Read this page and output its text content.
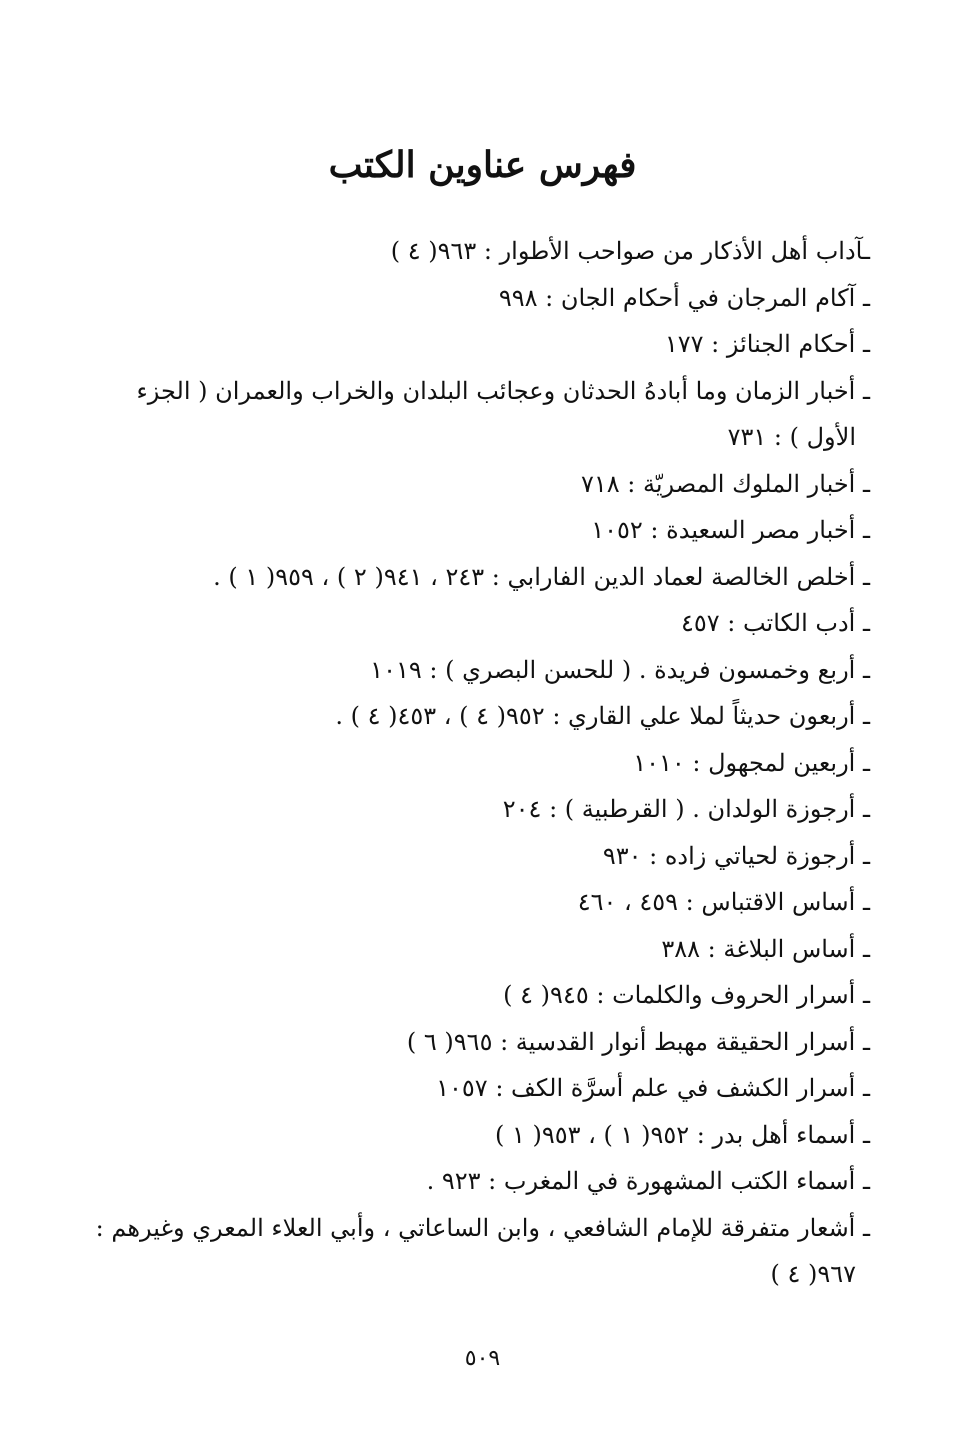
فهرس عناوين الكتب
ـآداب أهل الأذكار من صواحب الأطوار : ٩٦٣( ٤ )
ـ آكام المرجان في أحكام الجان : ٩٩٨
ـ أحكام الجنائز : ١٧٧
ـ أخبار الزمان وما أبادهُ الحدثان وعجائب البلدان والخراب والعمران ( الجزء الأول ) : ٧٣١
ـ أخبار الملوك المصريّة : ٧١٨
ـ أخبار مصر السعيدة : ١٠٥٢
ـ أخلص الخالصة لعماد الدين الفارابي : ٢٤٣ ، ٩٤١( ٢ ) ، ٩٥٩( ١ ) .
ـ أدب الكاتب : ٤٥٧
ـ أربع وخمسون فريدة . ( للحسن البصري ) : ١٠١٩
ـ أربعون حديثاً لملا علي القاري : ٩٥٢( ٤ ) ، ٤٥٣( ٤ ) .
ـ أربعين لمجهول : ١٠١٠
ـ أرجوزة الولدان . ( القرطبية ) : ٢٠٤
ـ أرجوزة لحياتي زاده : ٩٣٠
ـ أساس الاقتباس : ٤٥٩ ، ٤٦٠
ـ أساس البلاغة : ٣٨٨
ـ أسرار الحروف والكلمات : ٩٤٥( ٤ )
ـ أسرار الحقيقة مهبط أنوار القدسية : ٩٦٥( ٦ )
ـ أسرار الكشف في علم أسرَّة الكف : ١٠٥٧
ـ أسماء أهل بدر : ٩٥٢( ١ ) ، ٩٥٣( ١ )
ـ أسماء الكتب المشهورة في المغرب : ٩٢٣ .
ـ أشعار متفرقة للإمام الشافعي ، وابن الساعاتي ، وأبي العلاء المعري وغيرهم : ٩٦٧( ٤ )
٥٠٩
